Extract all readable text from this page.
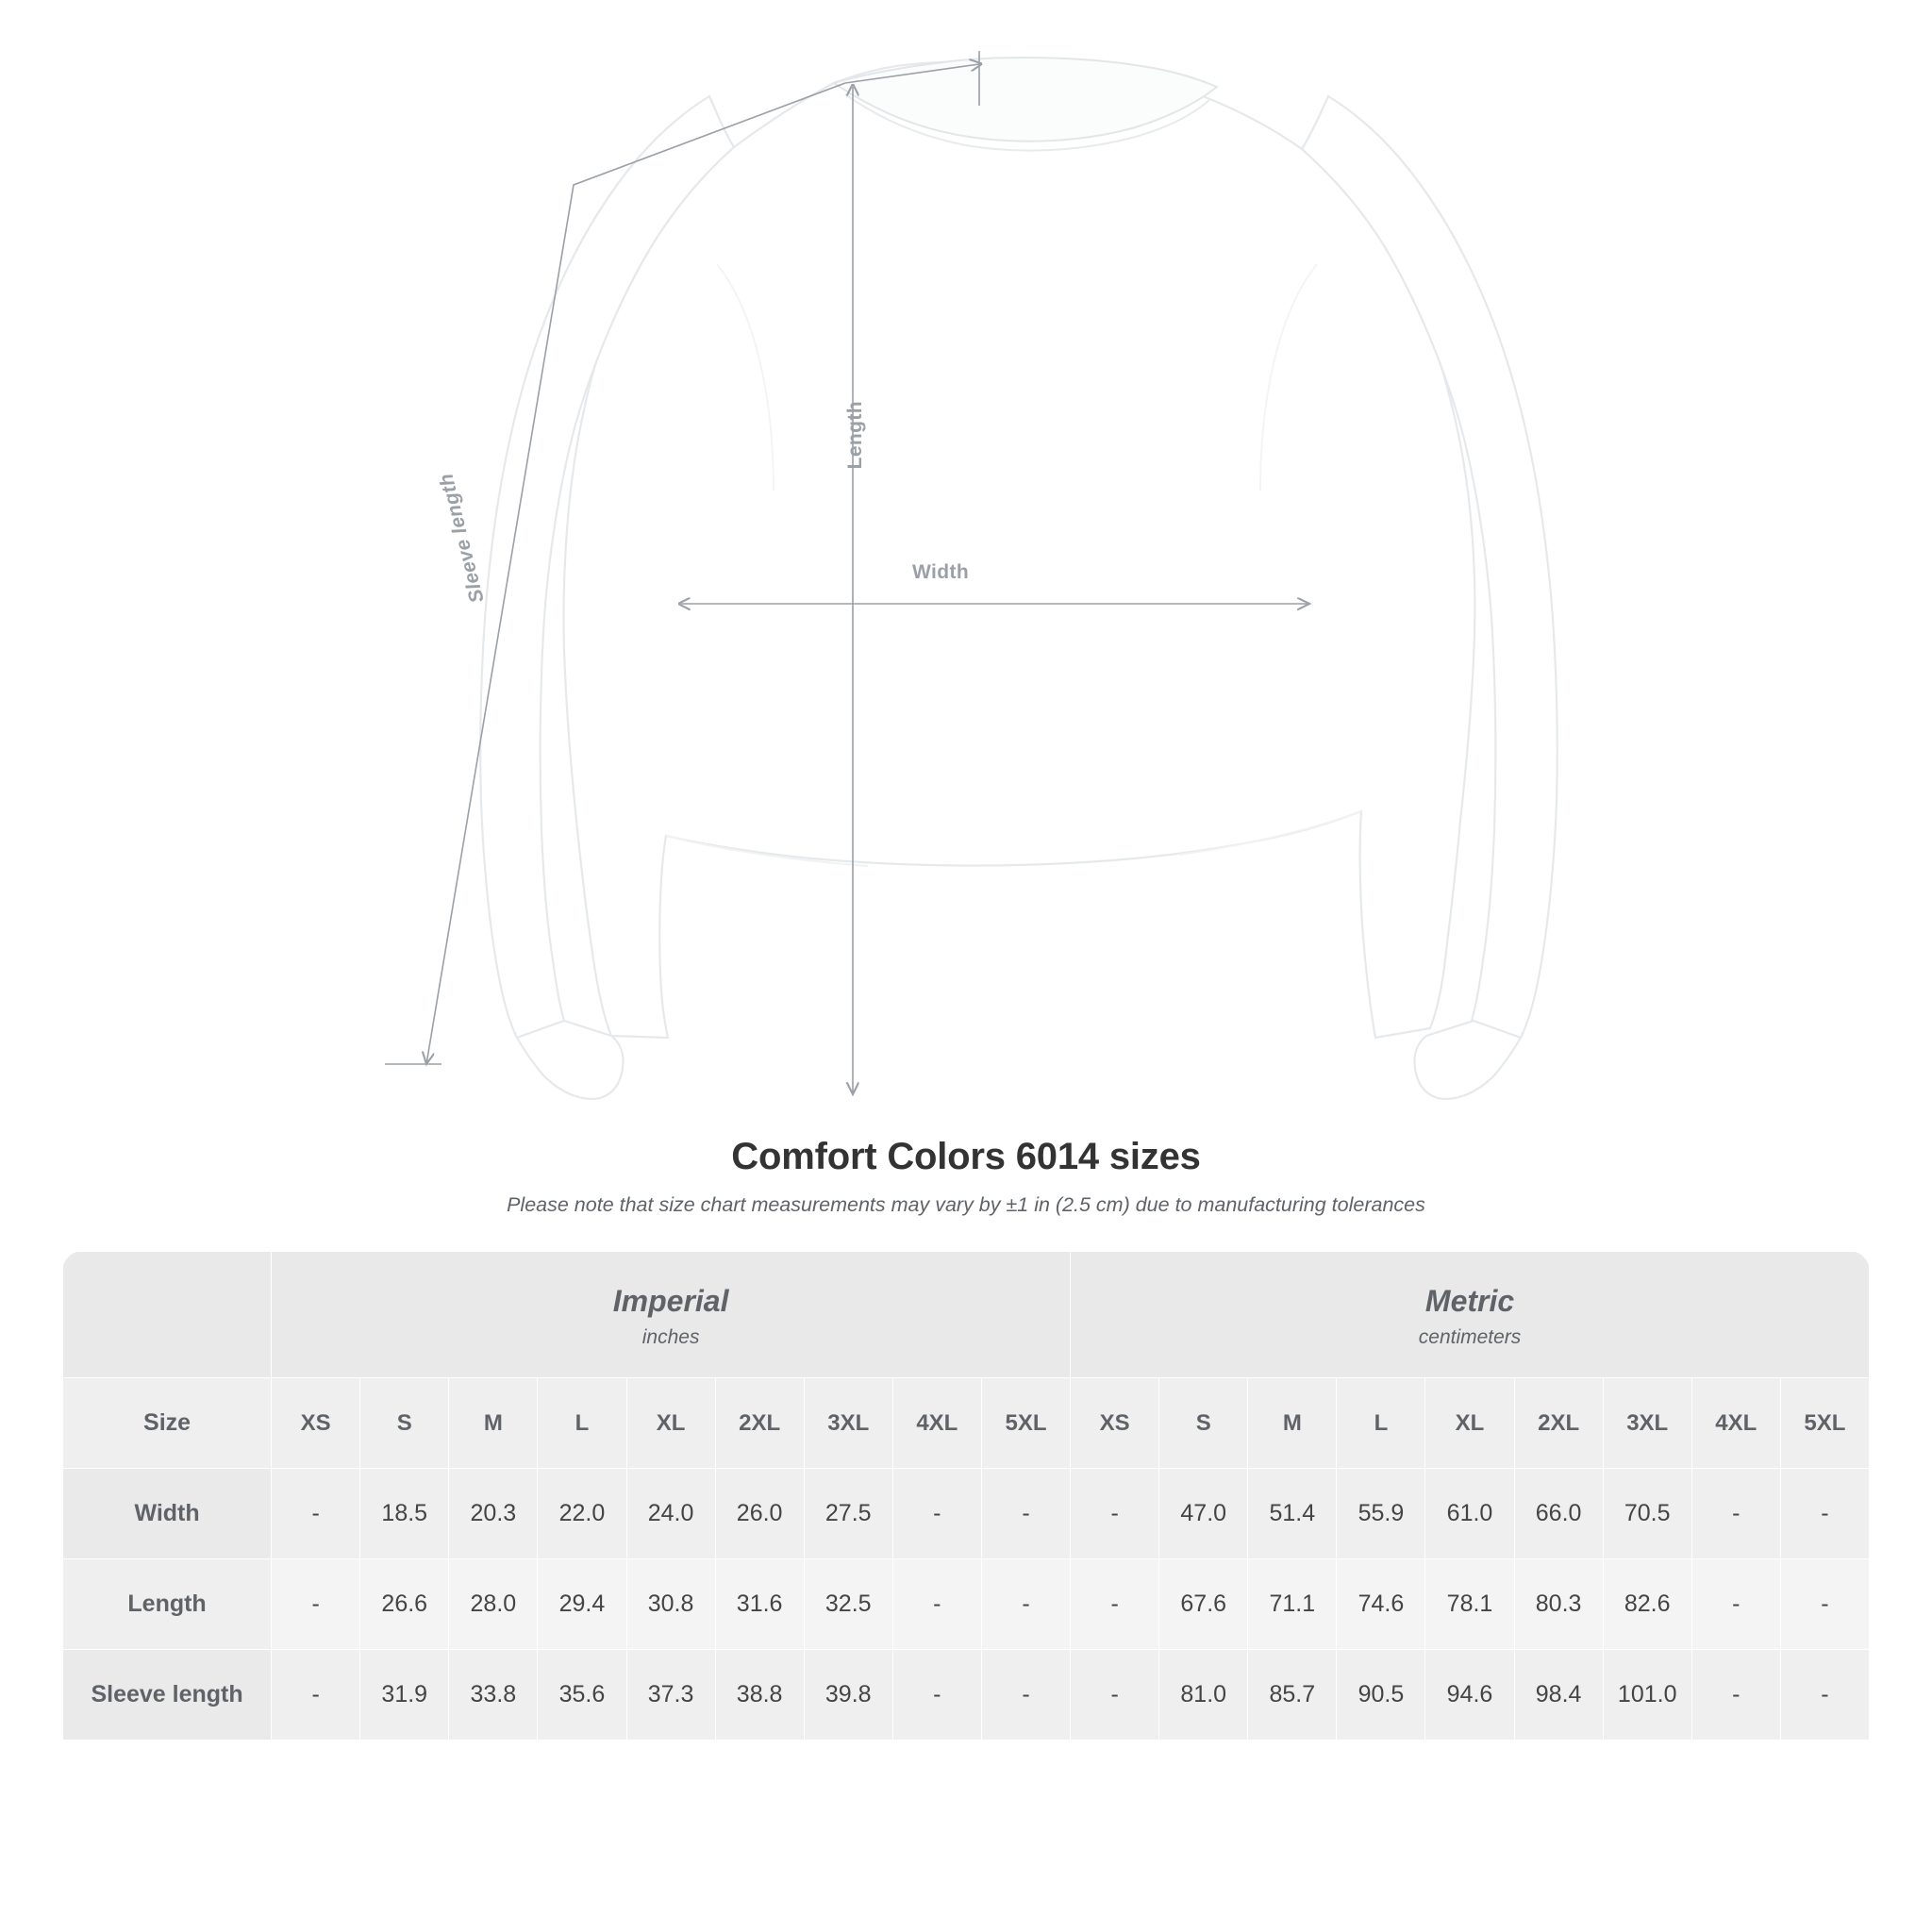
Length
Width
Sleeve length
Comfort Colors 6014 sizes
Please note that size chart measurements may vary by ±1 in (2.5 cm) due to manufacturing tolerances

Imperial
inches

Metric
centimeters

Size	XS	S	M	L	XL	2XL	3XL	4XL	5XL	XS	S	M	L	XL	2XL	3XL	4XL	5XL
Width	-	18.5	20.3	22.0	24.0	26.0	27.5	-	-	-	47.0	51.4	55.9	61.0	66.0	70.5	-	-
Length	-	26.6	28.0	29.4	30.8	31.6	32.5	-	-	-	67.6	71.1	74.6	78.1	80.3	82.6	-	-
Sleeve length	-	31.9	33.8	35.6	37.3	38.8	39.8	-	-	-	81.0	85.7	90.5	94.6	98.4	101.0	-	-
